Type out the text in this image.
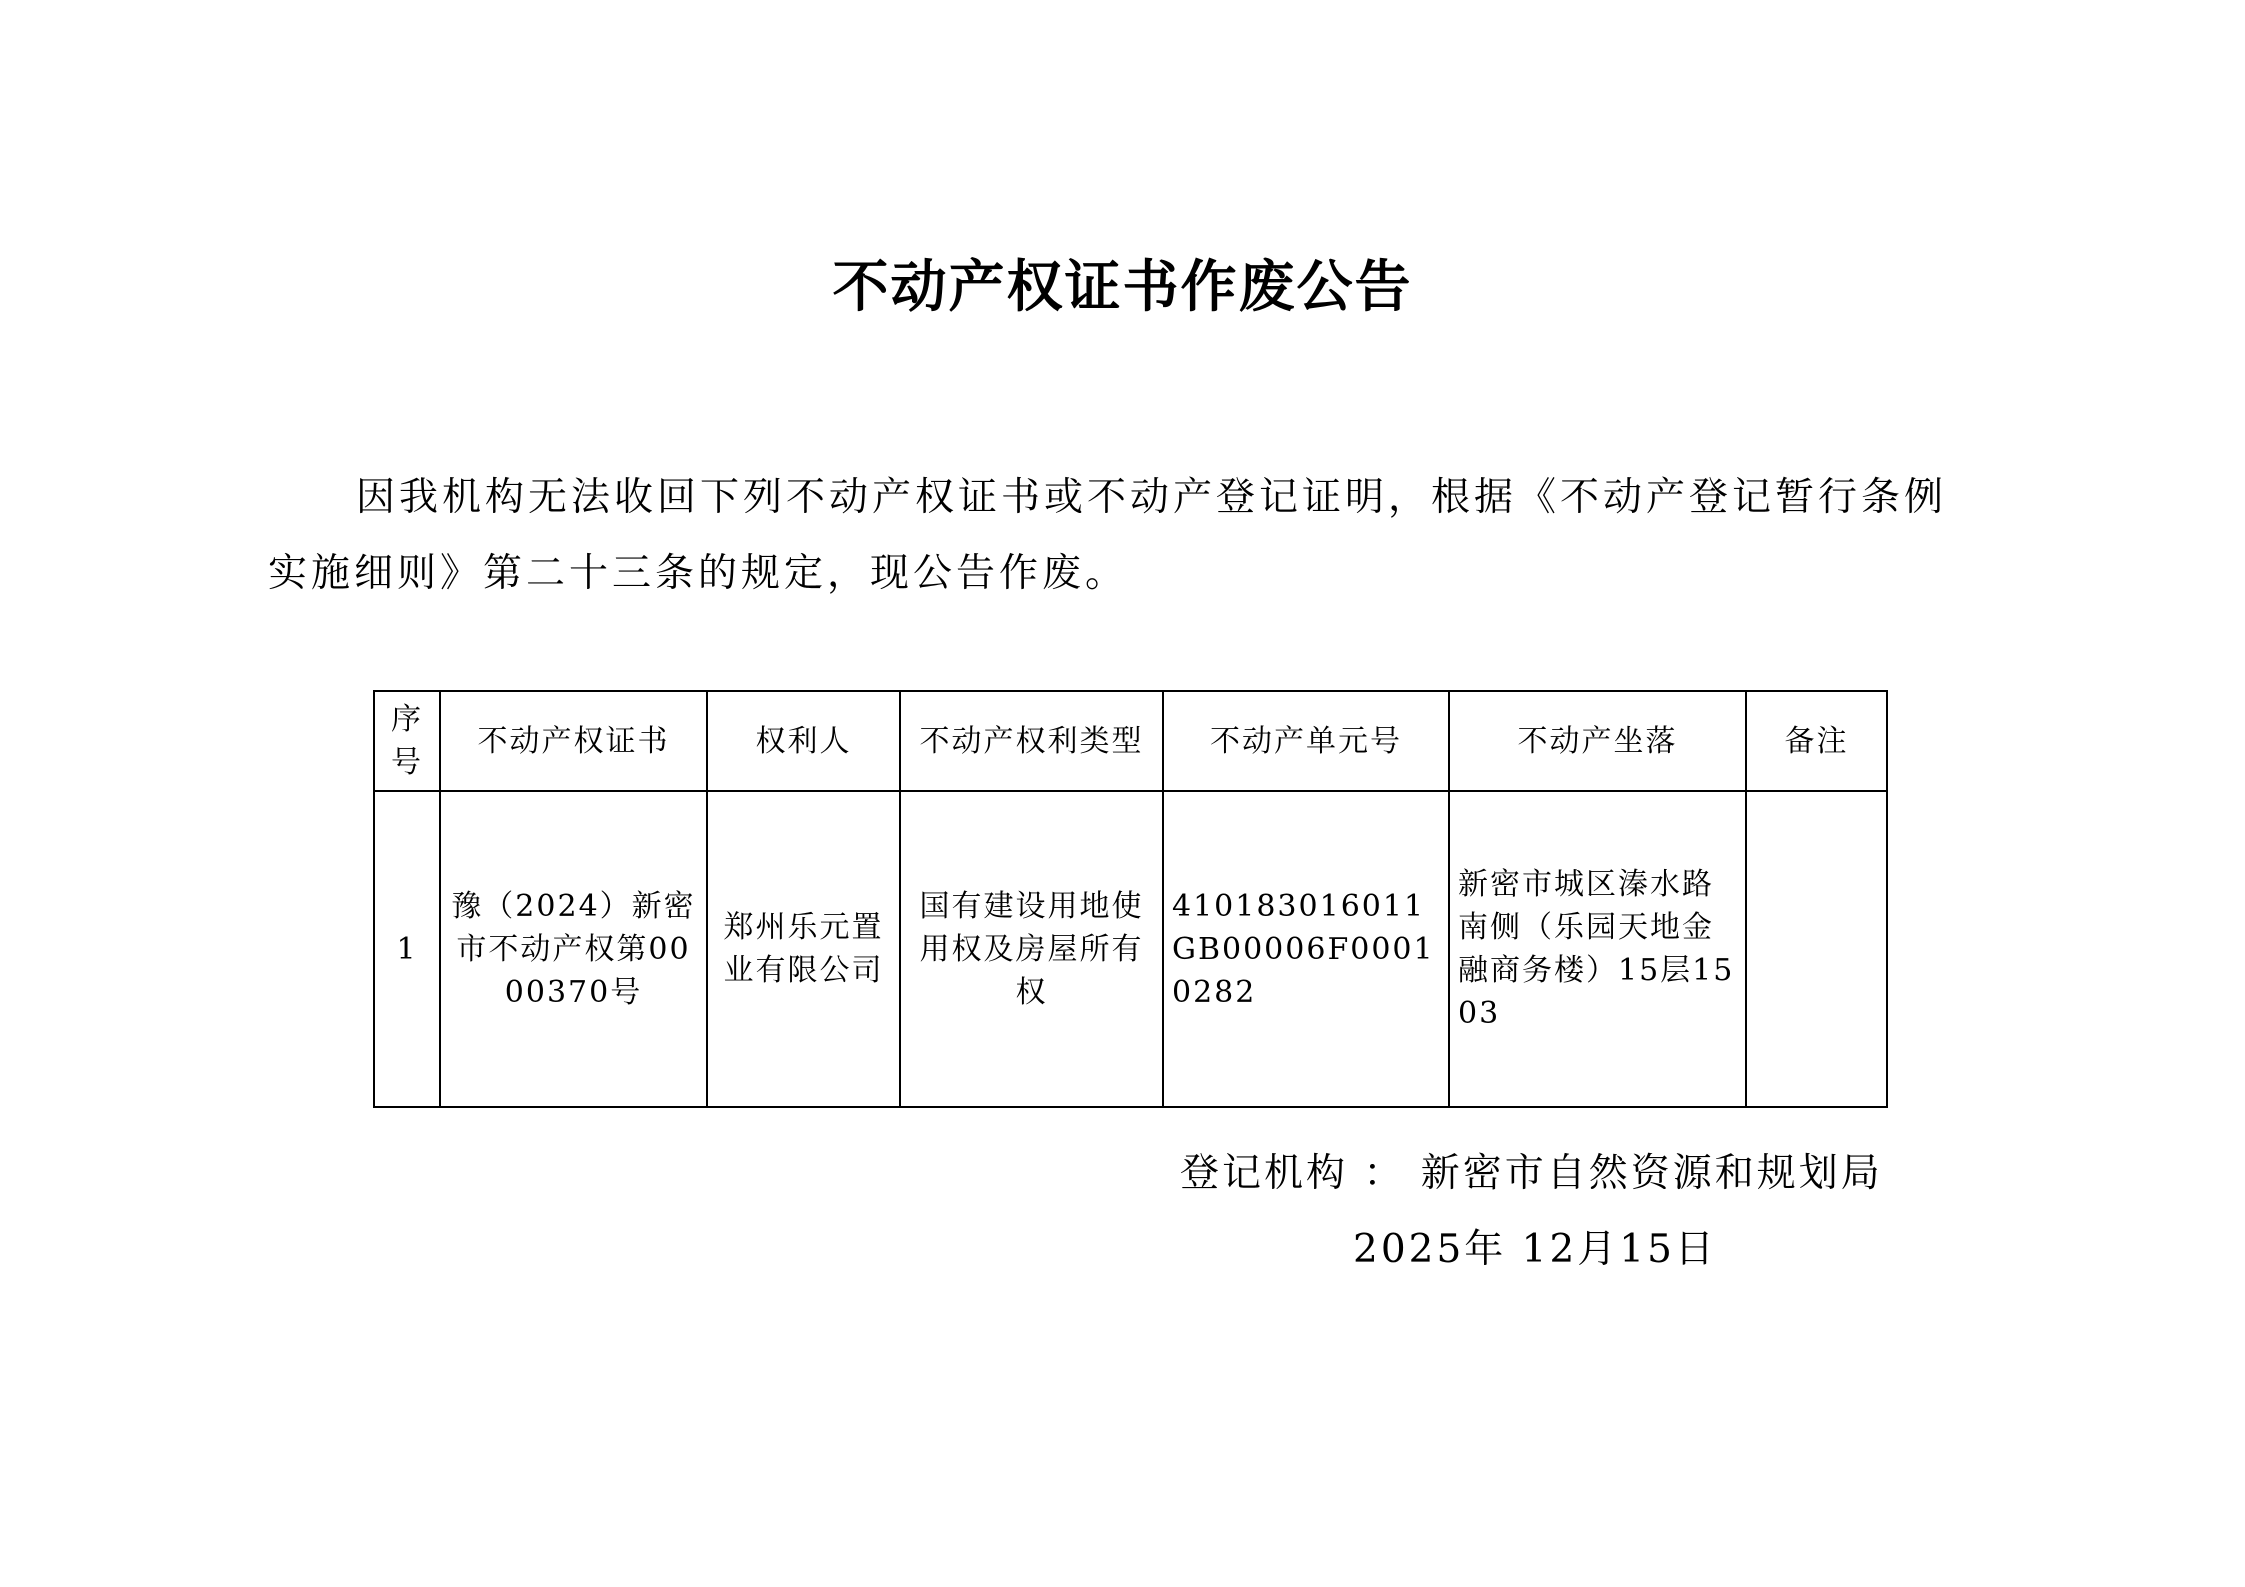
不动产权证书作废公告
因我机构无法收回下列不动产权证书或不动产登记证明，根据《不动产登记暂行条例实施细则》第二十三条的规定，现公告作废。
序号	不动产权证书	权利人	不动产权利类型	不动产单元号	不动产坐落	备注
1	豫（2024）新密市不动产权第0000370号	郑州乐元置业有限公司	国有建设用地使用权及房屋所有权	410183016011GB00006F00010282	新密市城区溱水路南侧（乐园天地金融商务楼）15层1503	
登记机构 ： 新密市自然资源和规划局
2025年 12月15日
